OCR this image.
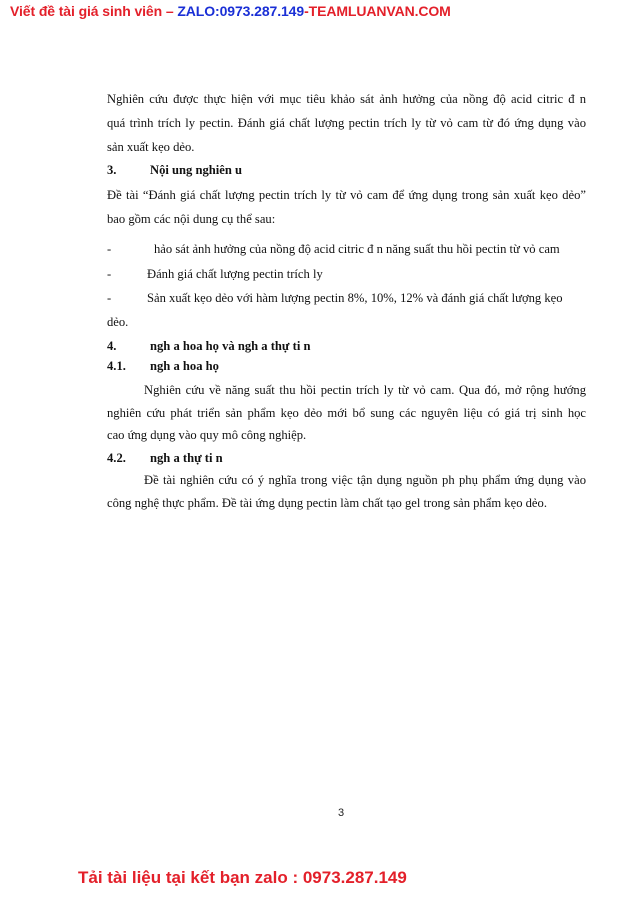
Viết đề tài giá sinh viên – ZALO:0973.287.149-TEAMLUANVAN.COM
Nghiên cứu được thực hiện với mục tiêu khảo sát ảnh hưởng của nồng độ acid citric đ n
quá trình trích ly pectin. Đánh giá chất lượng pectin trích ly từ vỏ cam từ đó ứng dụng vào
sản xuất kẹo dẻo.
3.	Nội ung nghiên u
Đề tài “Đánh giá chất lượng pectin trích ly từ vỏ cam để ứng dụng trong sản xuất kẹo dẻo”
bao gồm các nội dung cụ thể sau:
-	hảo sát ảnh hưởng của nồng độ acid citric đ n năng suất thu hồi pectin từ vỏ cam
-	Đánh giá chất lượng pectin trích ly
-	Sản xuất kẹo dẻo với hàm lượng pectin 8%, 10%, 12% và đánh giá chất lượng kẹo
dẻo.
4.	ngh a hoa họ và ngh a thự ti n
4.1. ngh a hoa họ
Nghiên cứu về năng suất thu hồi pectin trích ly từ vỏ cam. Qua đó, mở rộng hướng
nghiên cứu phát triển sản phẩm kẹo dẻo mới bổ sung các nguyên liệu có giá trị sinh học
cao ứng dụng vào quy mô công nghiệp.
4.2. ngh a thự ti n
Đề tài nghiên cứu có ý nghĩa trong việc tận dụng nguồn ph phụ phẩm ứng dụng vào
công nghệ thực phẩm. Đề tài ứng dụng pectin làm chất tạo gel trong sản phẩm kẹo dẻo.
3
Tải tài liệu tại kết bạn zalo : 0973.287.149
